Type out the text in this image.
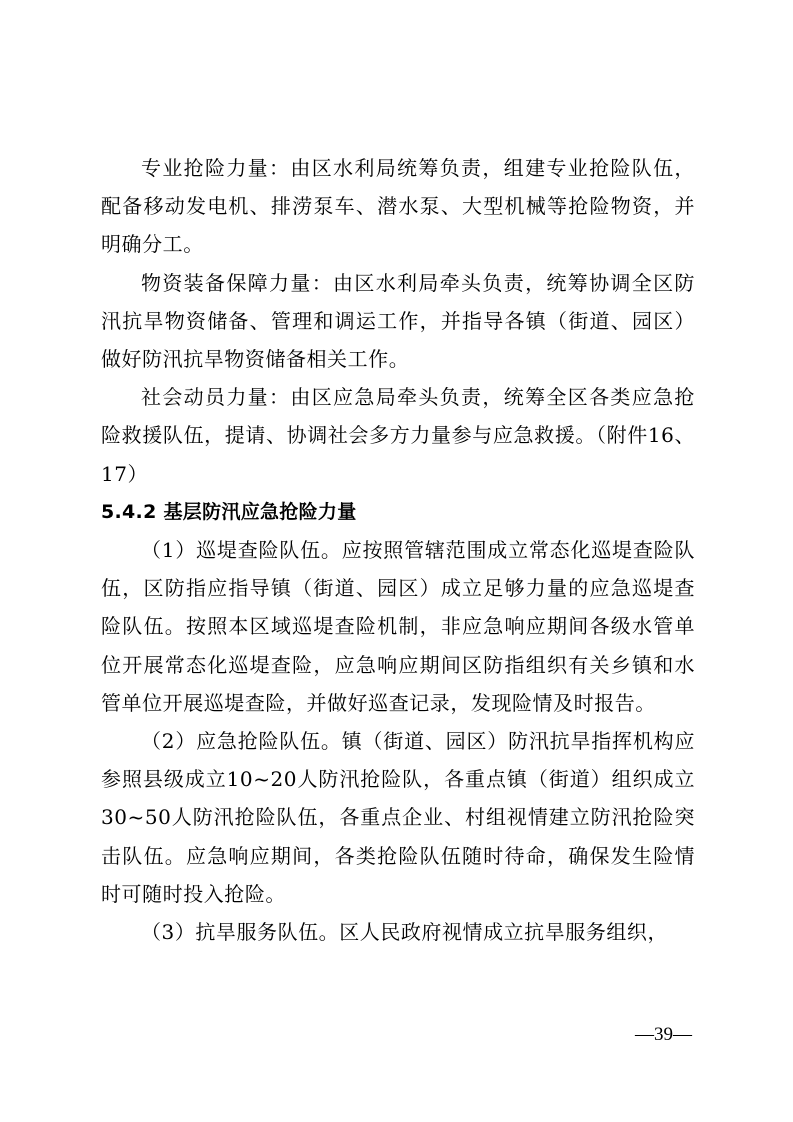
专业抢险力量：由区水利局统筹负责，组建专业抢险队伍，配备移动发电机、排涝泵车、潜水泵、大型机械等抢险物资，并明确分工。

物资装备保障力量：由区水利局牵头负责，统筹协调全区防汛抗旱物资储备、管理和调运工作，并指导各镇（街道、园区）做好防汛抗旱物资储备相关工作。

社会动员力量：由区应急局牵头负责，统筹全区各类应急抢险救援队伍，提请、协调社会多方力量参与应急救援。（附件16、17）

5.4.2 基层防汛应急抢险力量

（1）巡堤查险队伍。应按照管辖范围成立常态化巡堤查险队伍，区防指应指导镇（街道、园区）成立足够力量的应急巡堤查险队伍。按照本区域巡堤查险机制，非应急响应期间各级水管单位开展常态化巡堤查险，应急响应期间区防指组织有关乡镇和水管单位开展巡堤查险，并做好巡查记录，发现险情及时报告。

（2）应急抢险队伍。镇（街道、园区）防汛抗旱指挥机构应参照县级成立10~20人防汛抢险队，各重点镇（街道）组织成立30~50人防汛抢险队伍，各重点企业、村组视情建立防汛抢险突击队伍。应急响应期间，各类抢险队伍随时待命，确保发生险情时可随时投入抢险。

（3）抗旱服务队伍。区人民政府视情成立抗旱服务组织，

—39—
